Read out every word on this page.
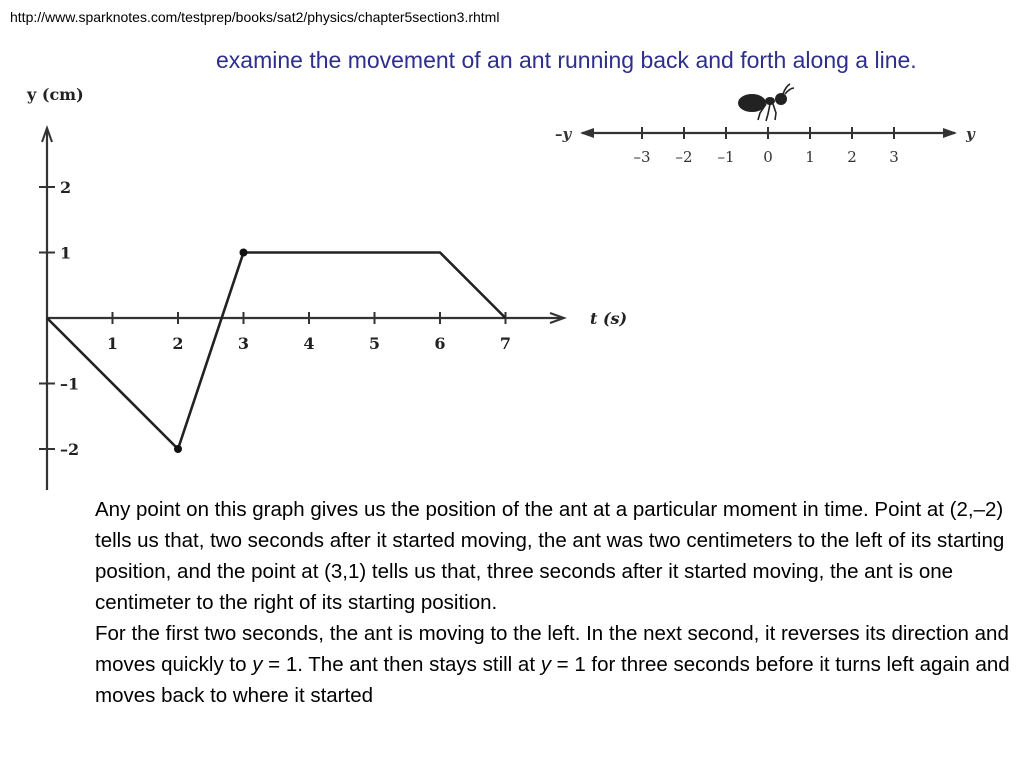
http://www.sparknotes.com/testprep/books/sat2/physics/chapter5section3.rhtml
examine the movement of an ant running back and forth along a line.
y (cm)
t (s)
1	2	3	4	5	6	7
2
1
–1
–2
–y	y
–3 –2 –1 0 1 2 3

Any point on this graph gives us the position of the ant at a particular moment in time. Point at (2,–2) tells us that, two seconds after it started moving, the ant was two centimeters to the left of its starting position, and the point at (3,1) tells us that, three seconds after it started moving, the ant is one centimeter to the right of its starting position.

For the first two seconds, the ant is moving to the left. In the next second, it reverses its direction and moves quickly to y = 1. The ant then stays still at y = 1 for three seconds before it turns left again and moves back to where it started
